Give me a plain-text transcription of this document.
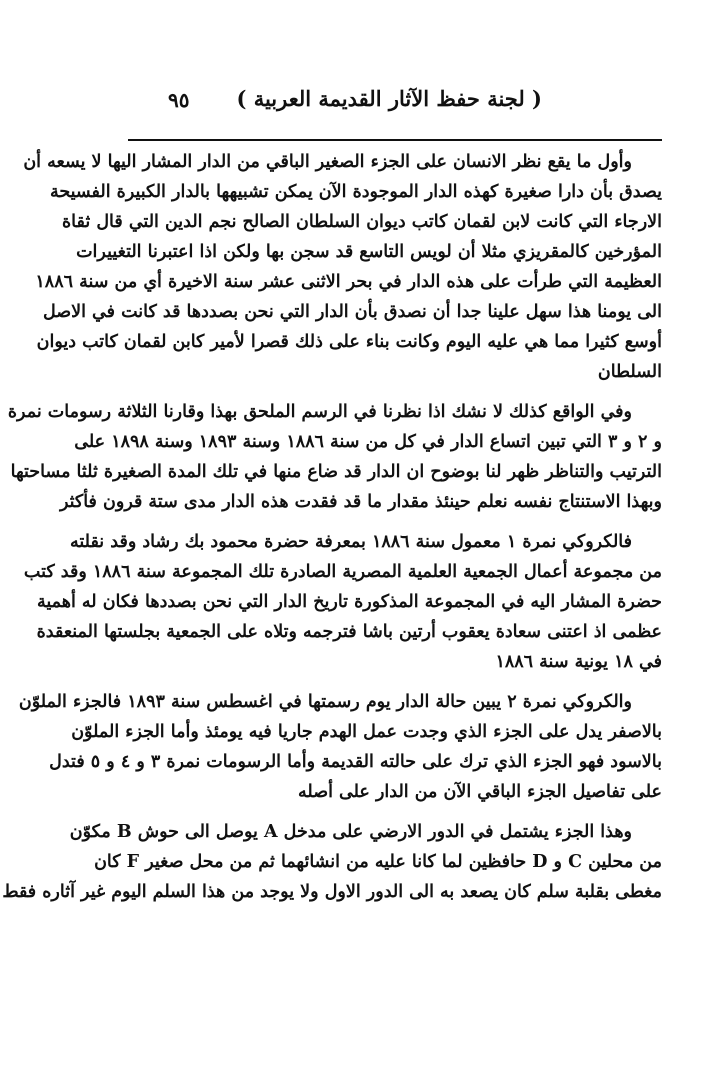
( لجنة حفظ الآثار القديمة العربية )
٩٥
وأول ما يقع نظر الانسان على الجزء الصغير الباقي من الدار المشار اليها لا يسعه أن
يصدق بأن دارا صغيرة كهذه الدار الموجودة الآن يمكن تشبيهها بالدار الكبيرة الفسيحة
الارجاء التي كانت لابن لقمان كاتب ديوان السلطان الصالح نجم الدين التي قال ثقاة
المؤرخين كالمقريزي مثلا أن لويس التاسع قد سجن بها ولكن اذا اعتبرنا التغييرات
العظيمة التي طرأت على هذه الدار في بحر الاثنى عشر سنة الاخيرة أي من سنة ١٨٨٦
الى يومنا هذا سهل علينا جدا أن نصدق بأن الدار التي نحن بصددها قد كانت في الاصل
أوسع كثيرا مما هي عليه اليوم وكانت بناء على ذلك قصرا لأمير كابن لقمان كاتب ديوان
السلطان
وفي الواقع كذلك لا نشك اذا نظرنا في الرسم الملحق بهذا وقارنا الثلاثة رسومات نمرة
و ٢ و ٣ التي تبين اتساع الدار في كل من سنة ١٨٨٦ وسنة ١٨٩٣ وسنة ١٨٩٨ على
الترتيب والتناظر ظهر لنا بوضوح ان الدار قد ضاع منها في تلك المدة الصغيرة ثلثا مساحتها
وبهذا الاستنتاج نفسه نعلم حينئذ مقدار ما قد فقدت هذه الدار مدى ستة قرون فأكثر
فالكروكي نمرة ١ معمول سنة ١٨٨٦ بمعرفة حضرة محمود بك رشاد وقد نقلته
من مجموعة أعمال الجمعية العلمية المصرية الصادرة تلك المجموعة سنة ١٨٨٦ وقد كتب
حضرة المشار اليه في المجموعة المذكورة تاريخ الدار التي نحن بصددها فكان له أهمية
عظمى اذ اعتنى سعادة يعقوب أرتين باشا فترجمه وتلاه على الجمعية بجلستها المنعقدة
في ١٨ يونية سنة ١٨٨٦
والكروكي نمرة ٢ يبين حالة الدار يوم رسمتها في اغسطس سنة ١٨٩٣ فالجزء الملوّن
بالاصفر يدل على الجزء الذي وجدت عمل الهدم جاريا فيه يومئذ وأما الجزء الملوّن
بالاسود فهو الجزء الذي ترك على حالته القديمة وأما الرسومات نمرة ٣ و ٤ و ٥ فتدل
على تفاصيل الجزء الباقي الآن من الدار على أصله
وهذا الجزء يشتمل في الدور الارضي على مدخل A يوصل الى حوش B مكوّن
من محلين C و D حافظين لما كانا عليه من انشائهما ثم من محل صغير F كان
مغطى بقلبة سلم كان يصعد به الى الدور الاول ولا يوجد من هذا السلم اليوم غير آثاره فقط
